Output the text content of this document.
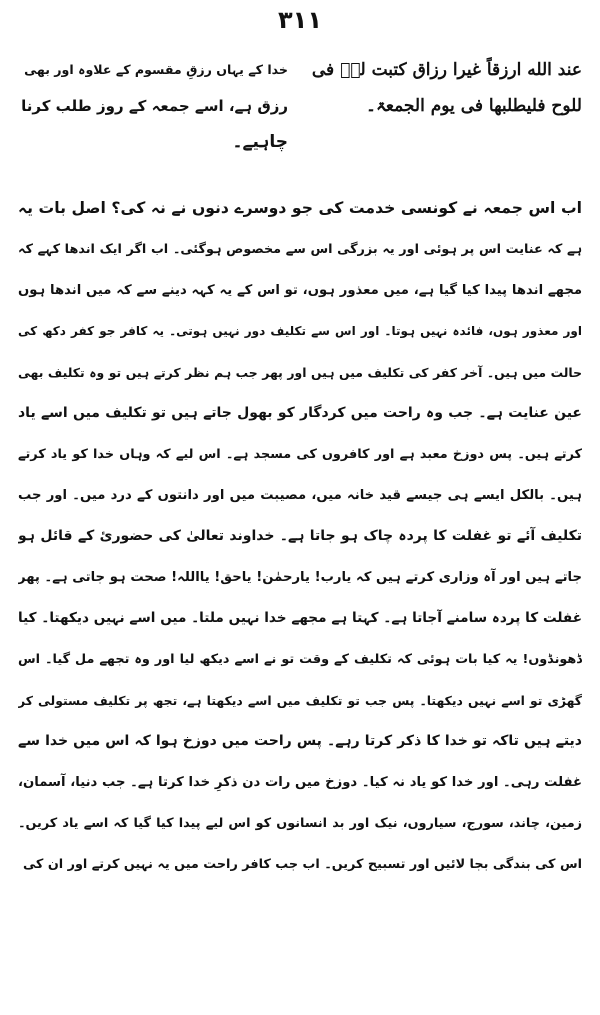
۳۱۱
عند الله ارزقاً غیرا رزاق کتبت لہٗ فی
للوح فلیطلبھا فی یوم الجمعۃ۔
خدا کے یہاں رزقِ مقسوم کے علاوہ اور بھی
رزق ہے، اسے جمعہ کے روز طلب کرنا
چاہیے۔
اب اس جمعہ نے کونسی خدمت کی جو دوسرے دنوں نے نہ کی؟ اصل بات یہ
ہے کہ عنایت اس پر ہوئی اور یہ بزرگی اس سے مخصوص ہوگئی۔ اب اگر ایک اندھا کہے کہ
مجھے اندھا پیدا کیا گیا ہے، میں معذور ہوں، تو اس کے یہ کہہ دینے سے کہ میں اندھا ہوں
اور معذور ہوں، فائدہ نہیں ہوتا۔ اور اس سے تکلیف دور نہیں ہوتی۔ یہ کافر جو کفر دکھ کی
حالت میں ہیں۔ آخر کفر کی تکلیف میں ہیں اور پھر جب ہم نظر کرتے ہیں تو وہ تکلیف بھی
عین عنایت ہے۔ جب وہ راحت میں کردگار کو بھول جاتے ہیں تو تکلیف میں اسے یاد
کرتے ہیں۔ پس دوزخ معبد ہے اور کافروں کی مسجد ہے۔ اس لیے کہ وہاں خدا کو یاد کرتے
ہیں۔ بالکل ایسے ہی جیسے قید خانہ میں، مصیبت میں اور دانتوں کے درد میں۔ اور جب
تکلیف آئے تو غفلت کا پردہ چاک ہو جاتا ہے۔ خداوند تعالیٰ کی حضوریٔ کے قائل ہو
جاتے ہیں اور آہ وزاری کرتے ہیں کہ یارب! یارحمٰن! یاحق! یااللہ! صحت ہو جاتی ہے۔ پھر
غفلت کا پردہ سامنے آجاتا ہے۔ کہتا ہے مجھے خدا نہیں ملتا۔ میں اسے نہیں دیکھتا۔ کیا
ڈھونڈوں! یہ کیا بات ہوئی کہ تکلیف کے وقت تو نے اسے دیکھ لیا اور وہ تجھے مل گیا۔ اس
گھڑی تو اسے نہیں دیکھتا۔ پس جب تو تکلیف میں اسے دیکھتا ہے، تجھ پر تکلیف مستولی کر
دیتے ہیں تاکہ تو خدا کا ذکر کرتا رہے۔ پس راحت میں دوزخ ہوا کہ اس میں خدا سے
غفلت رہی۔ اور خدا کو یاد نہ کیا۔ دوزخ میں رات دن ذکرِ خدا کرتا ہے۔ جب دنیا، آسمان،
زمین، چاند، سورج، سیاروں، نیک اور بد انسانوں کو اس لیے پیدا کیا گیا کہ اسے یاد کریں۔
اس کی بندگی بجا لائیں اور تسبیح کریں۔ اب جب کافر راحت میں یہ نہیں کرتے اور ان کی
